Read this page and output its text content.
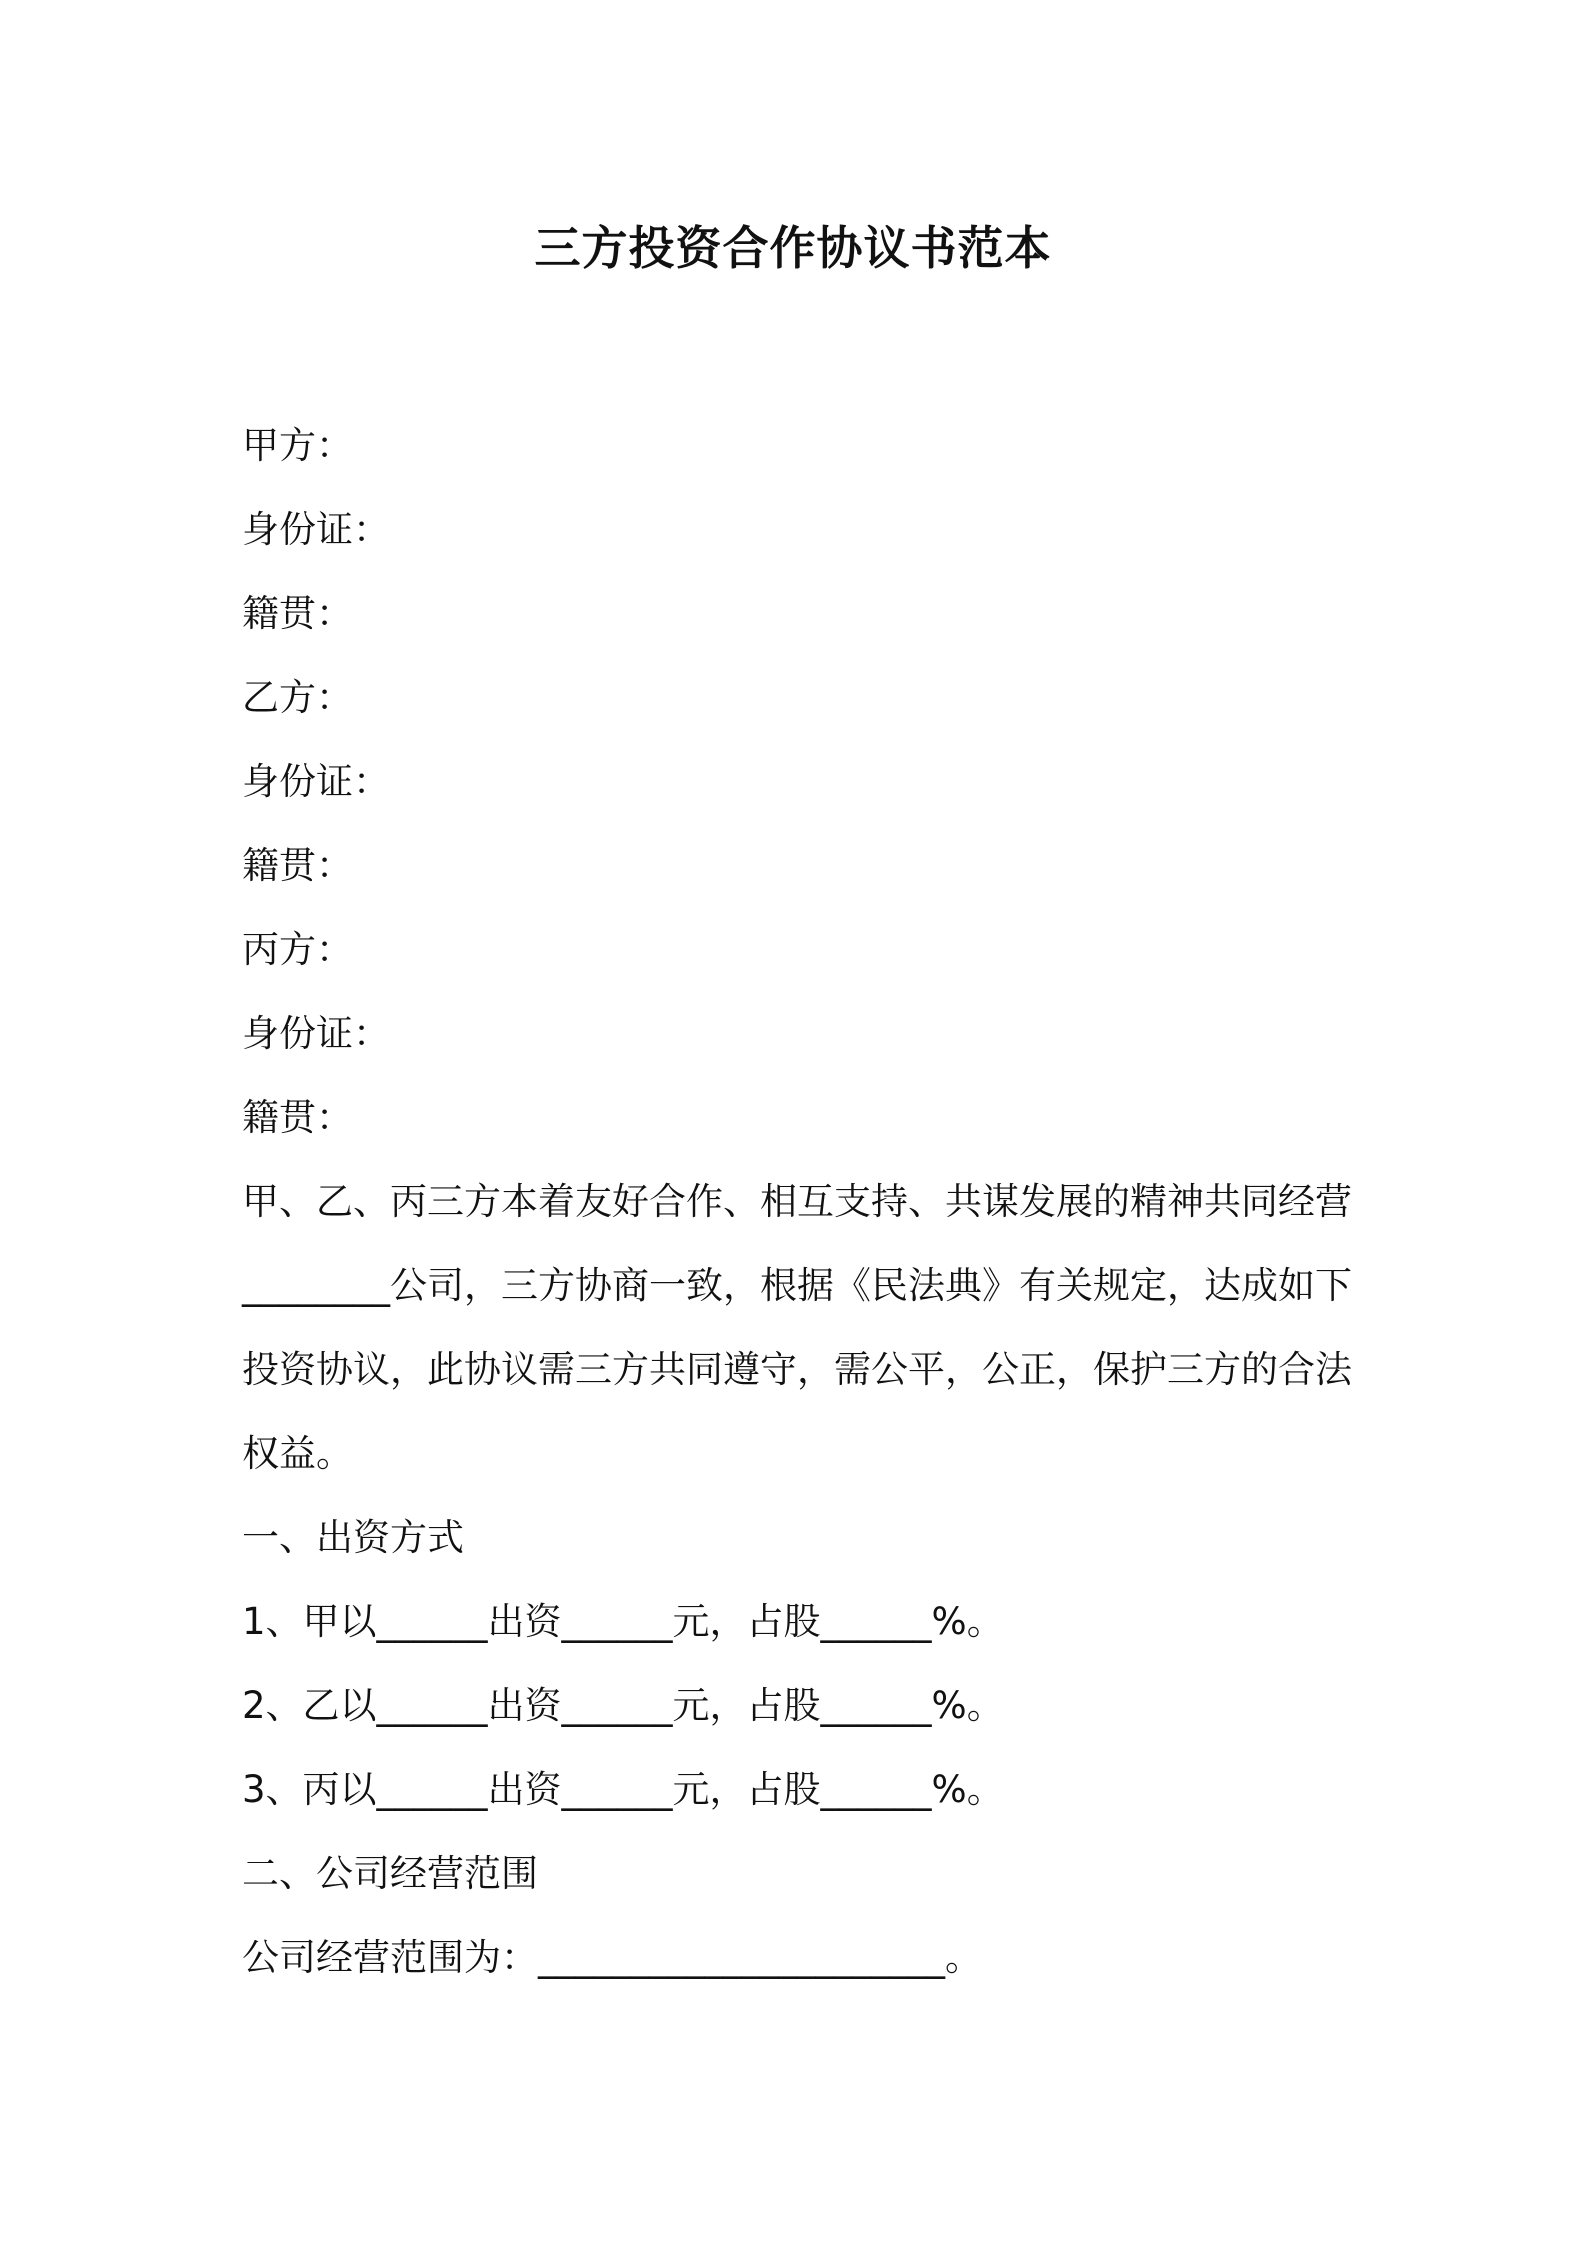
三方投资合作协议书范本
甲方：
身份证：
籍贯：
乙方：
身份证：
籍贯：
丙方：
身份证：
籍贯：
甲、乙、丙三方本着友好合作、相互支持、共谋发展的精神共同经营________公司，三方协商一致，根据《民法典》有关规定，达成如下投资协议，此协议需三方共同遵守，需公平，公正，保护三方的合法权益。
一、出资方式
1、甲以______出资______元，占股______%。
2、乙以______出资______元，占股______%。
3、丙以______出资______元，占股______%。
二、公司经营范围
公司经营范围为：______________________。
